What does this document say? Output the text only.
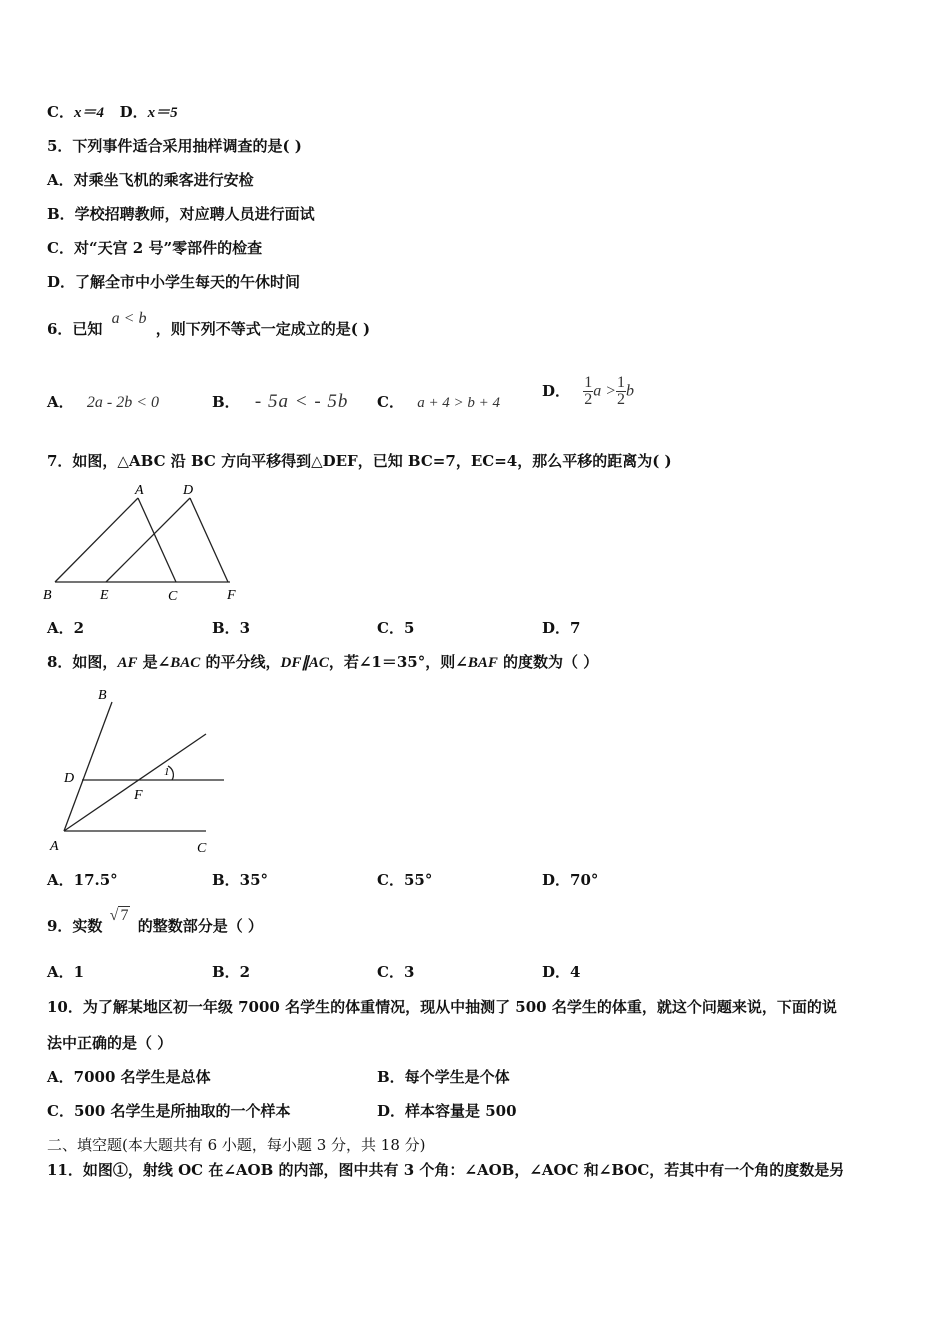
C．x＝4 D．x＝5
5．下列事件适合采用抽样调查的是( )
A．对乘坐飞机的乘客进行安检
B．学校招聘教师，对应聘人员进行面试
C．对“天宫 2 号”零部件的检查
D．了解全市中小学生每天的午休时间
6．已知 a < b ，则下列不等式一定成立的是( )
A． 2a - 2b < 0	B． - 5a < - 5b C． a + 4 > b + 4
D． $\frac{1}{2}$ $a > \frac{1}{2}$ b
7．如图，△ABC 沿 BC 方向平移得到△DEF，已知 BC=7，EC=4，那么平移的距离为( )
A	D
B	E	C	F
A．2	B．3	C．5	D．7
8．如图，AF 是∠BAC 的平分线，DF∥AC，若∠1＝35°，则∠BAF 的度数为（ ）
B
D
F
1
A	C
A．17.5°	B．35°	C．55°	D．70°
9．实数 √ 7 的整数部分是（ ）
A．1	B．2	C．3	D．4
10．为了解某地区初一年级 7000 名学生的体重情况，现从中抽测了 500 名学生的体重，就这个问题来说，下面的说
法中正确的是（ ）
A．7000 名学生是总体	B．每个学生是个体
C．500 名学生是所抽取的一个样本	D．样本容量是 500
二、填空题(本大题共有 6 小题，每小题 3 分，共 18 分)
11．如图①，射线 OC 在∠AOB 的内部，图中共有 3 个角：∠AOB，∠AOC 和∠BOC，若其中有一个角的度数是另
